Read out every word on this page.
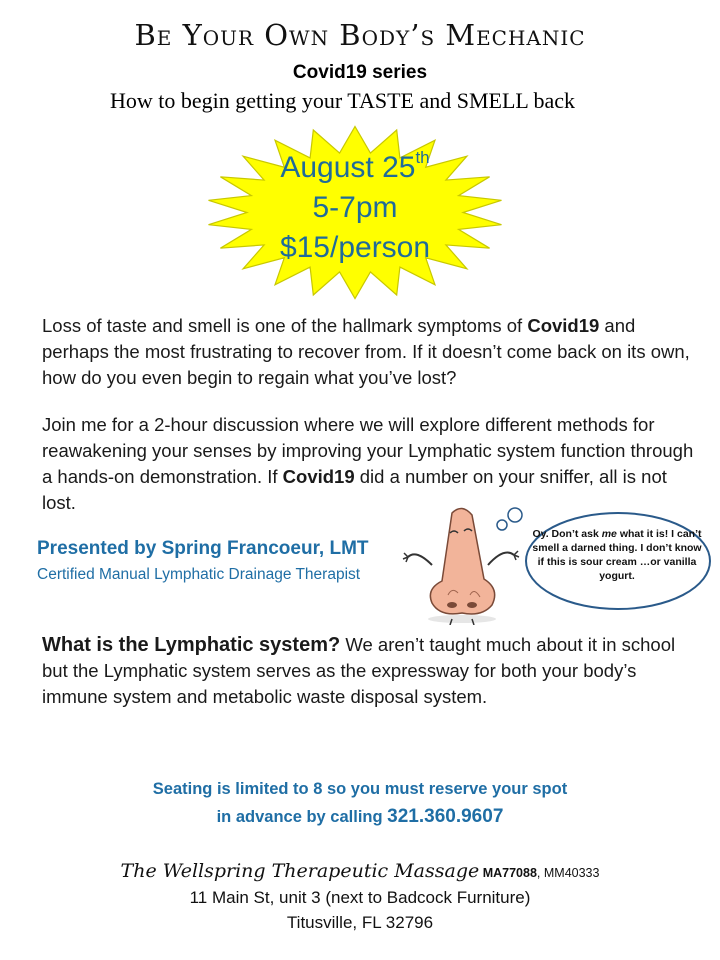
Be Your Own Body’s Mechanic
Covid19 series
How to begin getting your TASTE and SMELL back
August 25th
5-7pm
$15/person
Loss of taste and smell is one of the hallmark symptoms of Covid19 and perhaps the most frustrating to recover from. If it doesn’t come back on its own, how do you even begin to regain what you’ve lost?
Join me for a 2-hour discussion where we will explore different methods for reawakening your senses by improving your Lymphatic system function through a hands-on demonstration. If Covid19 did a number on your sniffer, all is not lost.
Presented by Spring Francoeur, LMT
Certified Manual Lymphatic Drainage Therapist
Oy. Don’t ask me what it is! I can’t smell a darned thing. I don’t know if this is sour cream …or vanilla yogurt.
What is the Lymphatic system? We aren’t taught much about it in school but the Lymphatic system serves as the expressway for both your body’s immune system and metabolic waste disposal system.
Seating is limited to 8 so you must reserve your spot
in advance by calling 321.360.9607
The Wellspring Therapeutic Massage MA77088, MM40333
11 Main St, unit 3 (next to Badcock Furniture)
Titusville, FL 32796
